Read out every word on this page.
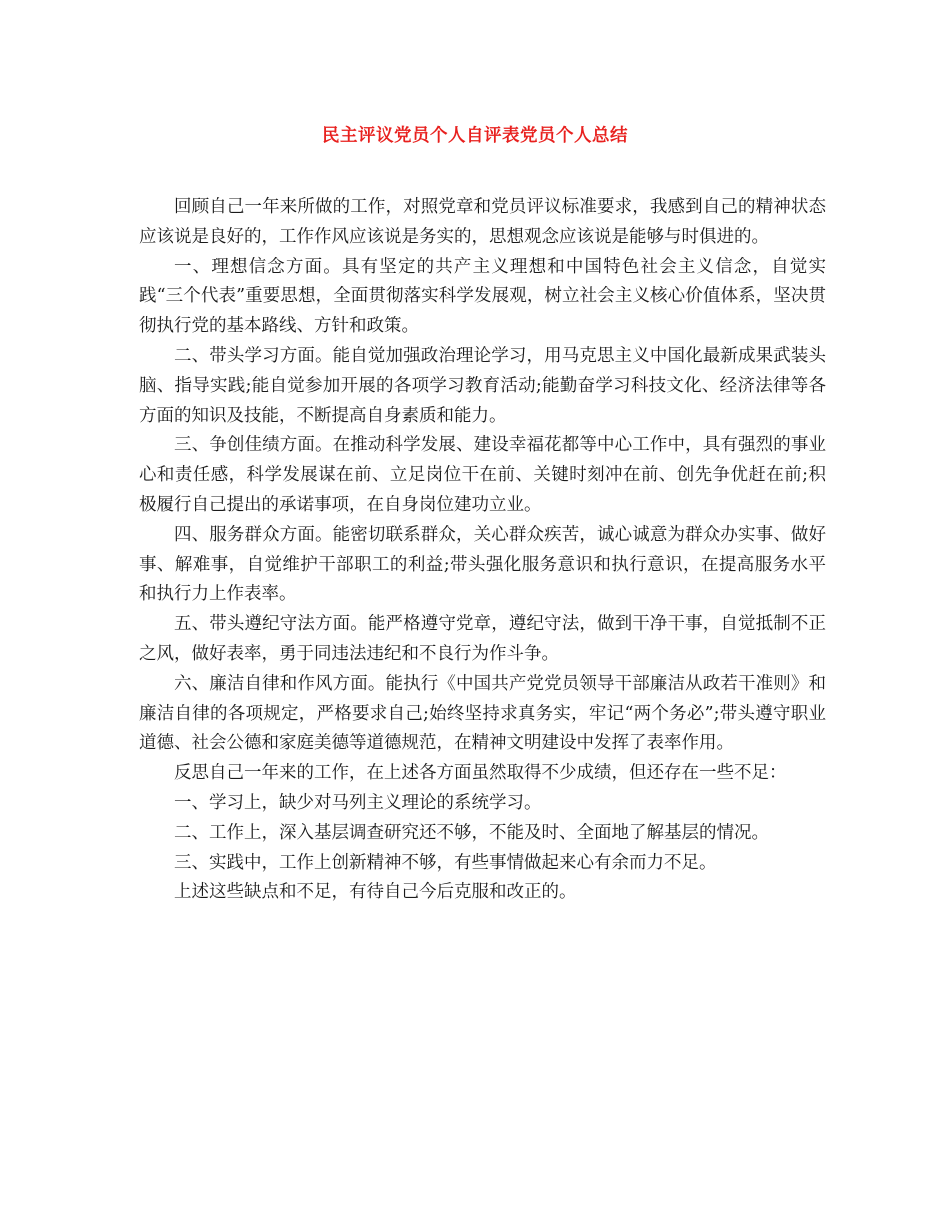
民主评议党员个人自评表党员个人总结

回顾自己一年来所做的工作，对照党章和党员评议标准要求，我感到自己的精神状态应该说是良好的，工作作风应该说是务实的，思想观念应该说是能够与时俱进的。

一、理想信念方面。具有坚定的共产主义理想和中国特色社会主义信念，自觉实践“三个代表”重要思想，全面贯彻落实科学发展观，树立社会主义核心价值体系，坚决贯彻执行党的基本路线、方针和政策。

二、带头学习方面。能自觉加强政治理论学习，用马克思主义中国化最新成果武装头脑、指导实践;能自觉参加开展的各项学习教育活动;能勤奋学习科技文化、经济法律等各方面的知识及技能，不断提高自身素质和能力。

三、争创佳绩方面。在推动科学发展、建设幸福花都等中心工作中，具有强烈的事业心和责任感，科学发展谋在前、立足岗位干在前、关键时刻冲在前、创先争优赶在前;积极履行自己提出的承诺事项，在自身岗位建功立业。

四、服务群众方面。能密切联系群众，关心群众疾苦，诚心诚意为群众办实事、做好事、解难事，自觉维护干部职工的利益;带头强化服务意识和执行意识，在提高服务水平和执行力上作表率。

五、带头遵纪守法方面。能严格遵守党章，遵纪守法，做到干净干事，自觉抵制不正之风，做好表率，勇于同违法违纪和不良行为作斗争。

六、廉洁自律和作风方面。能执行《中国共产党党员领导干部廉洁从政若干准则》和廉洁自律的各项规定，严格要求自己;始终坚持求真务实，牢记“两个务必”;带头遵守职业道德、社会公德和家庭美德等道德规范，在精神文明建设中发挥了表率作用。

反思自己一年来的工作，在上述各方面虽然取得不少成绩，但还存在一些不足：

一、学习上，缺少对马列主义理论的系统学习。

二、工作上，深入基层调查研究还不够，不能及时、全面地了解基层的情况。

三、实践中，工作上创新精神不够，有些事情做起来心有余而力不足。

上述这些缺点和不足，有待自己今后克服和改正的。
